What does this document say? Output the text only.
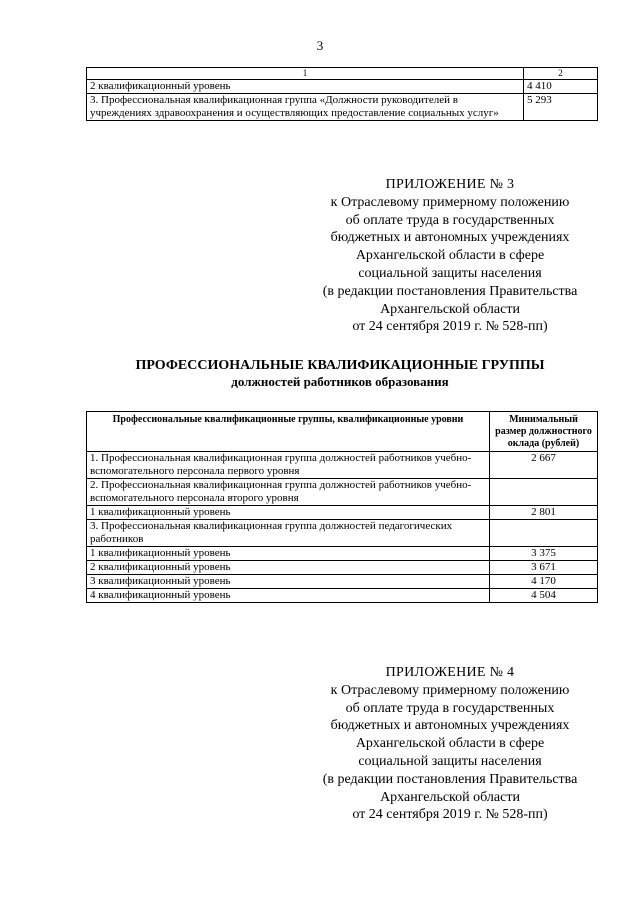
3
1	2
2 квалификационный уровень	4 410
3. Профессиональная квалификационная группа «Должности руководителей в учреждениях здравоохранения и осуществляющих предоставление социальных услуг»	5 293
ПРИЛОЖЕНИЕ № 3
к Отраслевому примерному положению
об оплате труда в государственных
бюджетных и автономных учреждениях
Архангельской области в сфере
социальной защиты населения
(в редакции постановления Правительства
Архангельской области
от 24 сентября 2019 г. № 528-пп)
ПРОФЕССИОНАЛЬНЫЕ КВАЛИФИКАЦИОННЫЕ ГРУППЫ
должностей работников образования
Профессиональные квалификационные группы, квалификационные уровни	Минимальный размер должностного оклада (рублей)
1. Профессиональная квалификационная группа должностей работников учебно-вспомогательного персонала первого уровня	2 667
2. Профессиональная квалификационная группа должностей работников учебно-вспомогательного персонала второго уровня	
1 квалификационный уровень	2 801
3. Профессиональная квалификационная группа должностей педагогических работников	
1 квалификационный уровень	3 375
2 квалификационный уровень	3 671
3 квалификационный уровень	4 170
4 квалификационный уровень	4 504
ПРИЛОЖЕНИЕ № 4
к Отраслевому примерному положению
об оплате труда в государственных
бюджетных и автономных учреждениях
Архангельской области в сфере
социальной защиты населения
(в редакции постановления Правительства
Архангельской области
от 24 сентября 2019 г. № 528-пп)
